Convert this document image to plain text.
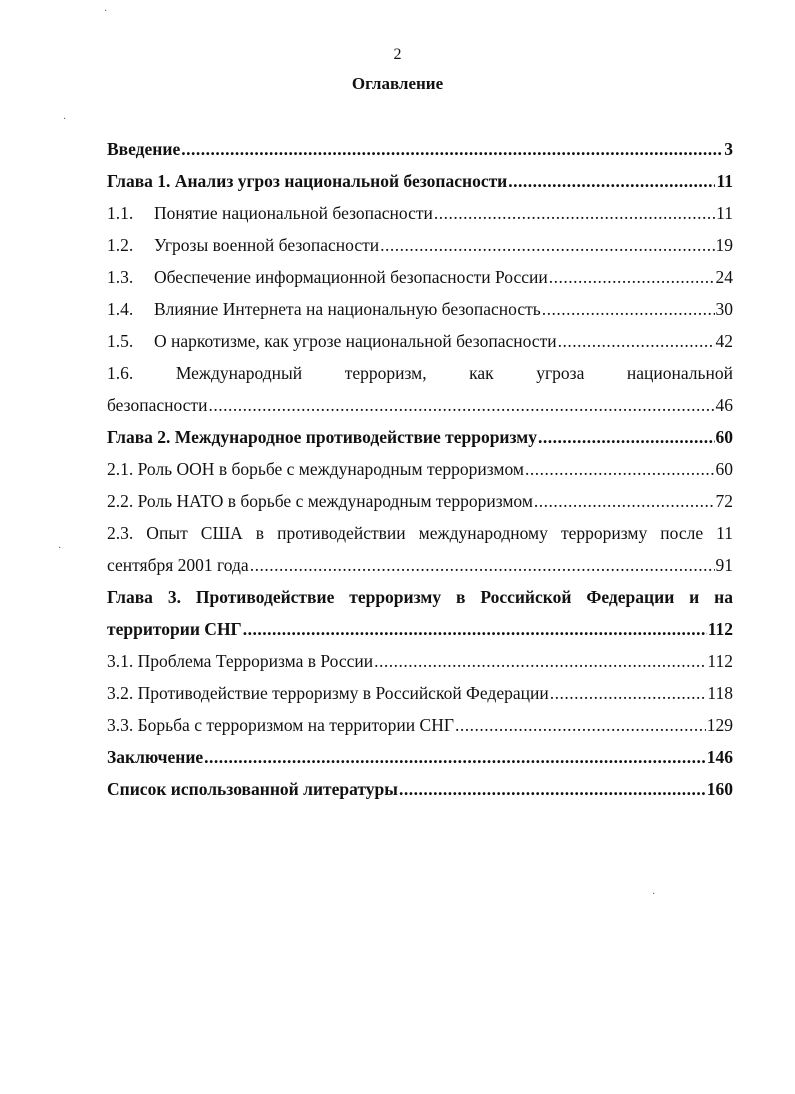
2
Оглавление
Введение .....	3
Глава 1. Анализ угроз национальной безопасности .....	11
1.1.	Понятие национальной безопасности .....	11
1.2.	Угрозы военной безопасности .....	19
1.3.	Обеспечение информационной безопасности России .....	24
1.4.	Влияние Интернета на национальную безопасность .....	30
1.5.	О наркотизме, как угрозе национальной безопасности .....	42
1.6. Международный терроризм, как угроза национальной
безопасности .....	46
Глава 2. Международное противодействие терроризму .....	60
2.1. Роль ООН в борьбе с международным терроризмом .....	60
2.2. Роль НАТО в борьбе с международным терроризмом .....	72
2.3. Опыт США в противодействии международному терроризму после 11
сентября 2001 года .....	91
Глава 3. Противодействие терроризму в Российской Федерации и на
территории СНГ .....	112
3.1. Проблема Терроризма в России .....	112
3.2. Противодействие терроризму в Российской Федерации .....	118
3.3. Борьба с терроризмом на территории СНГ .....	129
Заключение .....	146
Список использованной литературы .....	160
·
·
·
·
